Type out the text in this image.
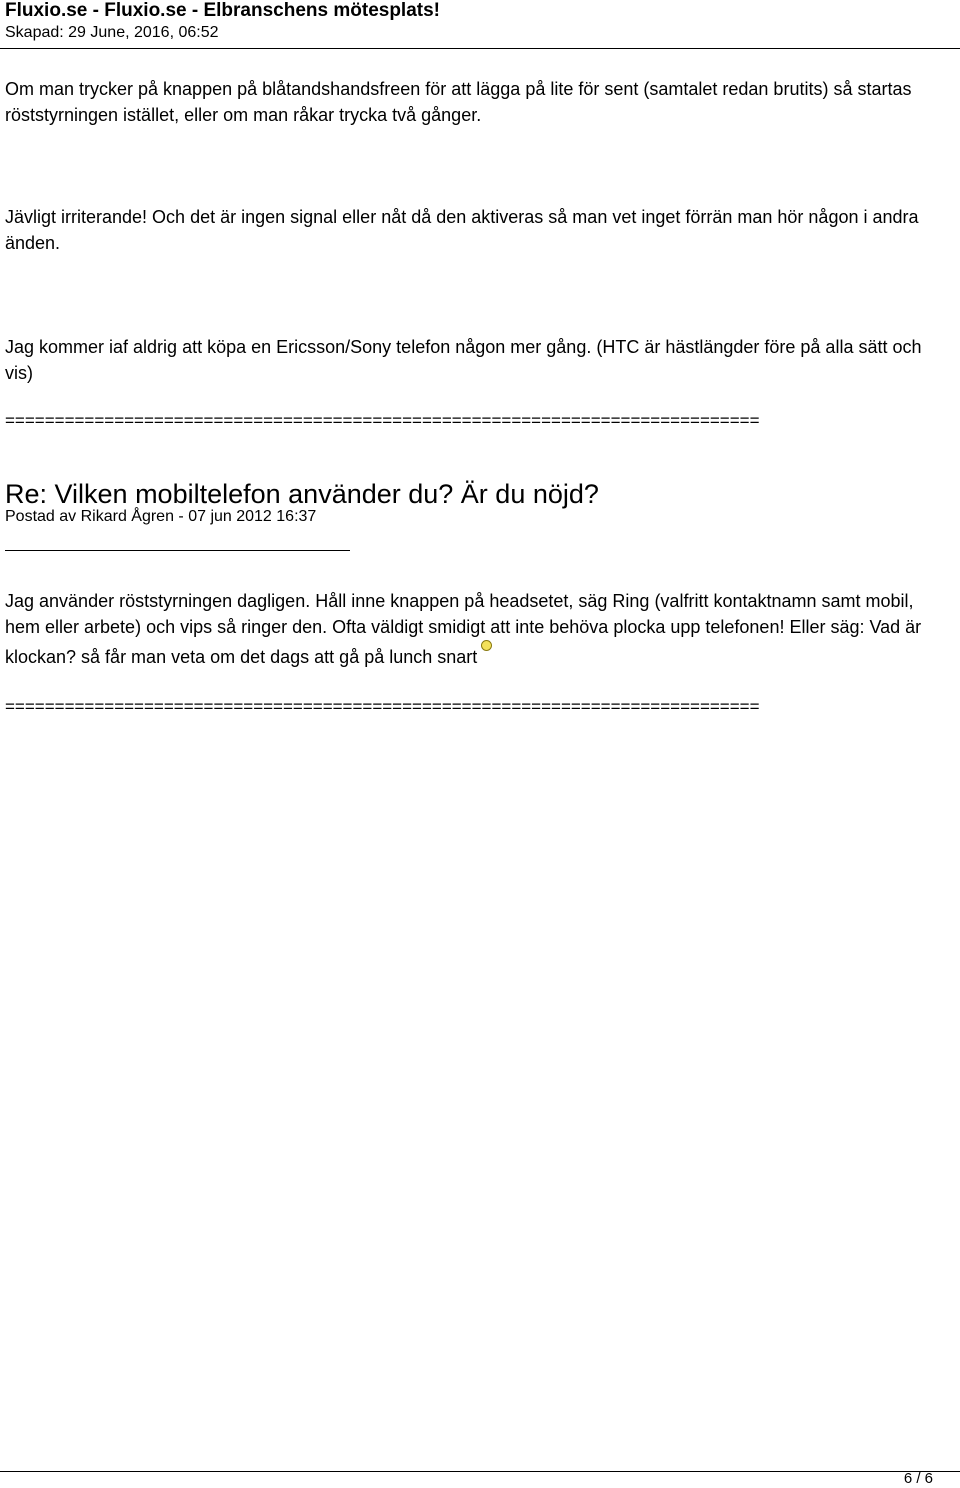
Fluxio.se - Fluxio.se - Elbranschens mötesplats!
Skapad: 29 June, 2016, 06:52
Om man trycker på knappen på blåtandshandsfreen för att lägga på lite för sent (samtalet redan brutits) så startas röststyrningen istället, eller om man råkar trycka två gånger.
Jävligt irriterande! Och det är ingen signal eller nåt då den aktiveras så man vet inget förrän man hör någon i andra änden.
Jag kommer iaf aldrig att köpa en Ericsson/Sony telefon någon mer gång. (HTC är hästlängder före på alla sätt och vis)
============================================================================
Re: Vilken mobiltelefon använder du? Är du nöjd?
Postad av Rikard Ågren - 07 jun 2012 16:37
Jag använder röststyrningen dagligen. Håll inne knappen på headsetet, säg Ring (valfritt kontaktnamn samt mobil, hem eller arbete) och vips så ringer den. Ofta väldigt smidigt att inte behöva plocka upp telefonen! Eller säg: Vad är klockan? så får man veta om det dags att gå på lunch snart
============================================================================
6 / 6
